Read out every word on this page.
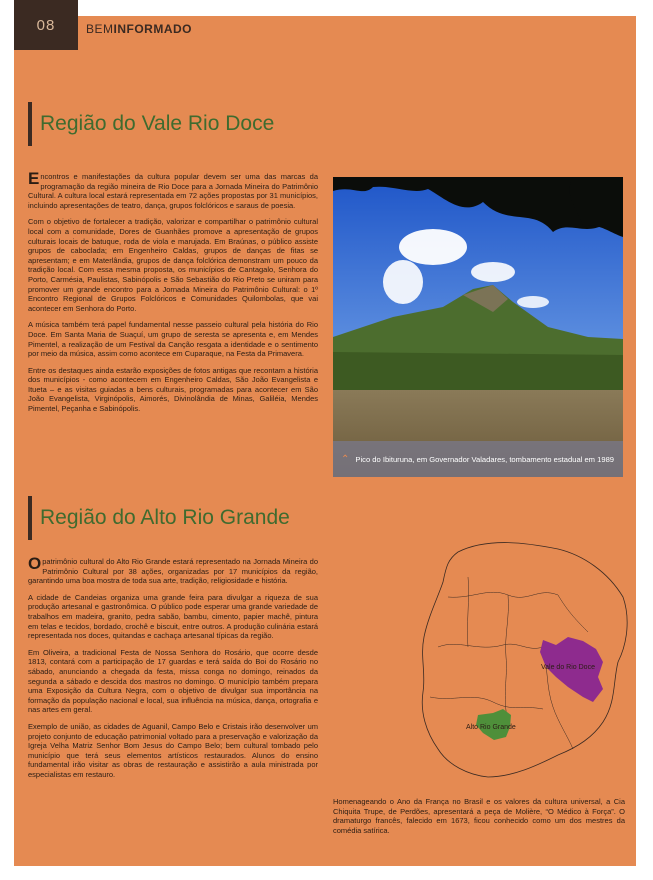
08	BEMINFORMADO
Região do Vale Rio Doce

Encontros e manifestações da cultura popular devem ser uma das marcas da programação da região mineira de Rio Doce para a Jornada Mineira do Patrimônio Cultural. A cultura local estará representada em 72 ações propostas por 31 municípios, incluindo apresentações de teatro, dança, grupos folclóricos e saraus de poesia.

Com o objetivo de fortalecer a tradição, valorizar e compartilhar o patrimônio cultural local com a comunidade, Dores de Guanhães promove a apresentação de grupos culturais locais de batuque, roda de viola e marujada. Em Braúnas, o público assiste grupos de caboclada; em Engenheiro Caldas, grupos de danças de fitas se apresentam; e em Materlândia, grupos de dança folclórica demonstram um pouco da tradição local. Com essa mesma proposta, os municípios de Cantagalo, Senhora do Porto, Carmésia, Paulistas, Sabinópolis e São Sebastião do Rio Preto se uniram para promover um grande encontro para a Jornada Mineira do Patrimônio Cultural: o 1º Encontro Regional de Grupos Folclóricos e Comunidades Quilombolas, que vai acontecer em Senhora do Porto.

A música também terá papel fundamental nesse passeio cultural pela história do Rio Doce. Em Santa Maria de Suaçuí, um grupo de seresta se apresenta e, em Mendes Pimentel, a realização de um Festival da Canção resgata a identidade e o sentimento por meio da música, assim como acontece em Cuparaque, na Festa da Primavera.

Entre os destaques ainda estarão exposições de fotos antigas que recontam a história dos municípios - como acontecem em Engenheiro Caldas, São João Evangelista e Itueta – e as visitas guiadas a bens culturais, programadas para acontecer em São João Evangelista, Virginópolis, Aimorés, Divinolândia de Minas, Galiléia, Mendes Pimentel, Peçanha e Sabinópolis.

⌃ Pico do Ibituruna, em Governador Valadares, tombamento estadual em 1989
Região do Alto Rio Grande

O patrimônio cultural do Alto Rio Grande estará representado na Jornada Mineira do Patrimônio Cultural por 38 ações, organizadas por 17 municípios da região, garantindo uma boa mostra de toda sua arte, tradição, religiosidade e história.

A cidade de Candeias organiza uma grande feira para divulgar a riqueza de sua produção artesanal e gastronômica. O público pode esperar uma grande variedade de trabalhos em madeira, granito, pedra sabão, bambu, cimento, papier machê, pintura em telas e tecidos, bordado, crochê e biscuit, entre outros. A produção culinária estará representada nos doces, quitandas e cachaça artesanal típicas da região.

Em Oliveira, a tradicional Festa de Nossa Senhora do Rosário, que ocorre desde 1813, contará com a participação de 17 guardas e terá saída do Boi do Rosário no sábado, anunciando a chegada da festa, missa conga no domingo, reinados da segunda a sábado e descida dos mastros no domingo. O município também prepara uma Exposição da Cultura Negra, com o objetivo de divulgar sua importância na formação da população nacional e local, sua influência na música, dança, ortografia e nas artes em geral.

Exemplo de união, as cidades de Aguanil, Campo Belo e Cristais irão desenvolver um projeto conjunto de educação patrimonial voltado para a preservação e valorização da Igreja Velha Matriz Senhor Bom Jesus do Campo Belo; bem cultural tombado pelo município que terá seus elementos artísticos restaurados. Alunos do ensino fundamental irão visitar as obras de restauração e assistirão a aula ministrada por especialistas em restauro.

Vale do Rio Doce
Alto Rio Grande
Homenageando o Ano da França no Brasil e os valores da cultura universal, a Cia Chiquita Trupe, de Perdões, apresentará a peça de Molière, “O Médico à Força”. O dramaturgo francês, falecido em 1673, ficou conhecido como um dos mestres da comédia satírica.
